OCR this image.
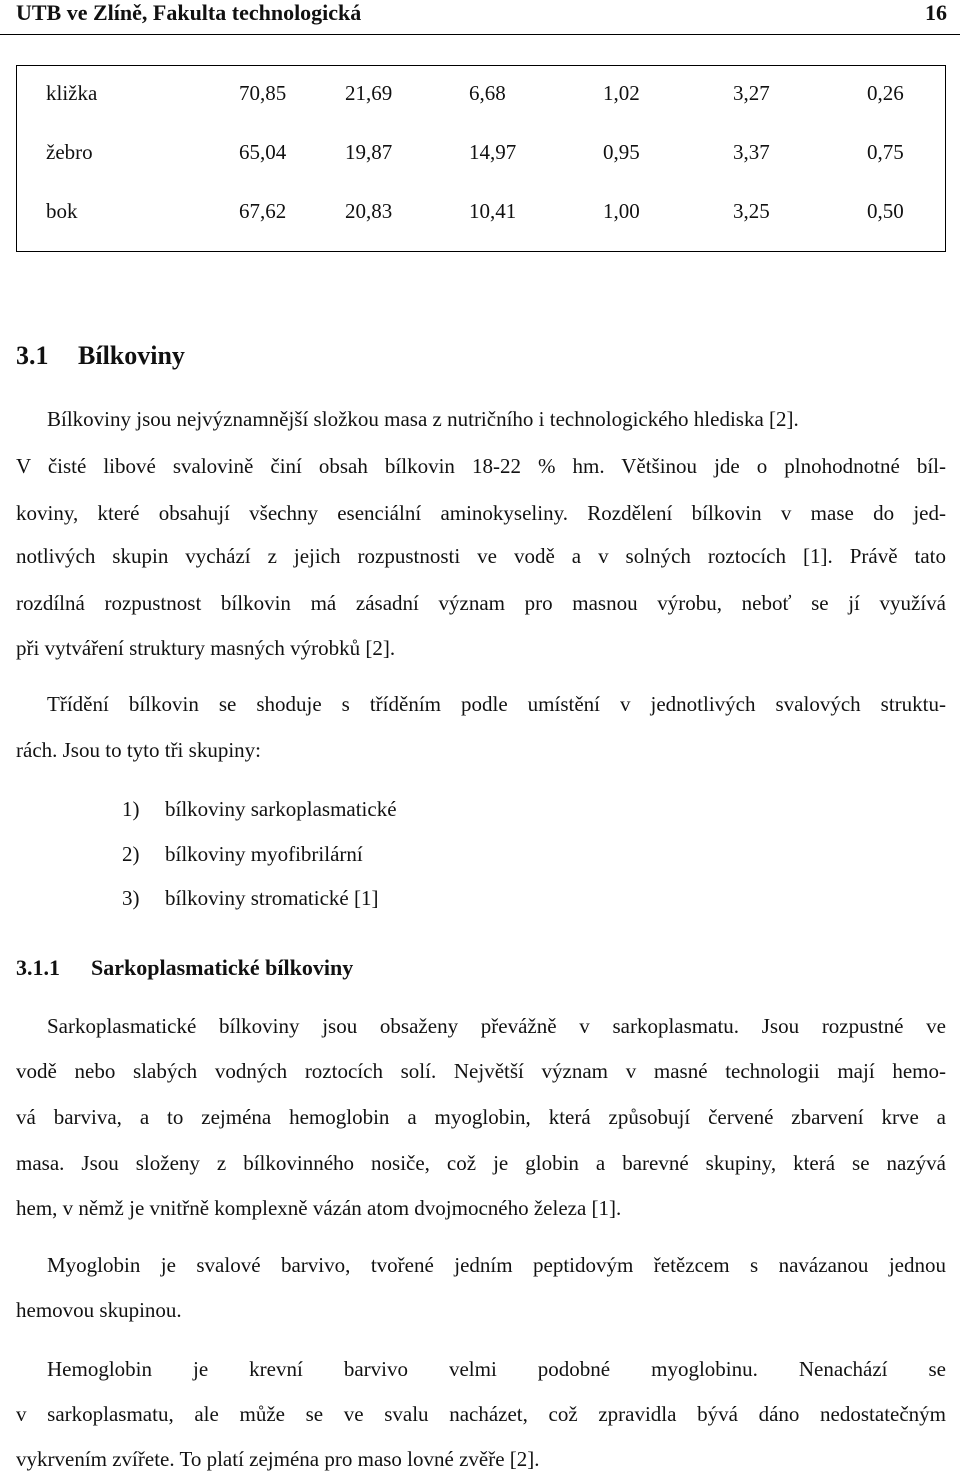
UTB ve Zlíně, Fakulta technologická	16
kližka	70,85	21,69	6,68	1,02	3,27	0,26
žebro	65,04	19,87	14,97	0,95	3,37	0,75
bok	67,62	20,83	10,41	1,00	3,25	0,50
3.1 Bílkoviny
Bílkoviny jsou nejvýznamnější složkou masa z nutričního i technologického hlediska [2].
V čisté libové svalovině činí obsah bílkovin 18-22 % hm. Většinou jde o plnohodnotné bíl-
koviny, které obsahují všechny esenciální aminokyseliny. Rozdělení bílkovin v mase do jed-
notlivých skupin vychází z jejich rozpustnosti ve vodě a v solných roztocích [1]. Právě tato
rozdílná rozpustnost bílkovin má zásadní význam pro masnou výrobu, neboť se jí využívá
při vytváření struktury masných výrobků [2].
Třídění bílkovin se shoduje s tříděním podle umístění v jednotlivých svalových struktu-
rách. Jsou to tyto tři skupiny:
1) bílkoviny sarkoplasmatické
2) bílkoviny myofibrilární
3) bílkoviny stromatické [1]
3.1.1 Sarkoplasmatické bílkoviny
Sarkoplasmatické bílkoviny jsou obsaženy převážně v sarkoplasmatu. Jsou rozpustné ve
vodě nebo slabých vodných roztocích solí. Největší význam v masné technologii mají hemo-
vá barviva, a to zejména hemoglobin a myoglobin, která způsobují červené zbarvení krve a
masa. Jsou složeny z bílkovinného nosiče, což je globin a barevné skupiny, která se nazývá
hem, v němž je vnitřně komplexně vázán atom dvojmocného železa [1].
Myoglobin je svalové barvivo, tvořené jedním peptidovým řetězcem s navázanou jednou
hemovou skupinou.
Hemoglobin je krevní barvivo velmi podobné myoglobinu. Nenachází se
v sarkoplasmatu, ale může se ve svalu nacházet, což zpravidla bývá dáno nedostatečným
vykrvením zvířete. To platí zejména pro maso lovné zvěře [2].
